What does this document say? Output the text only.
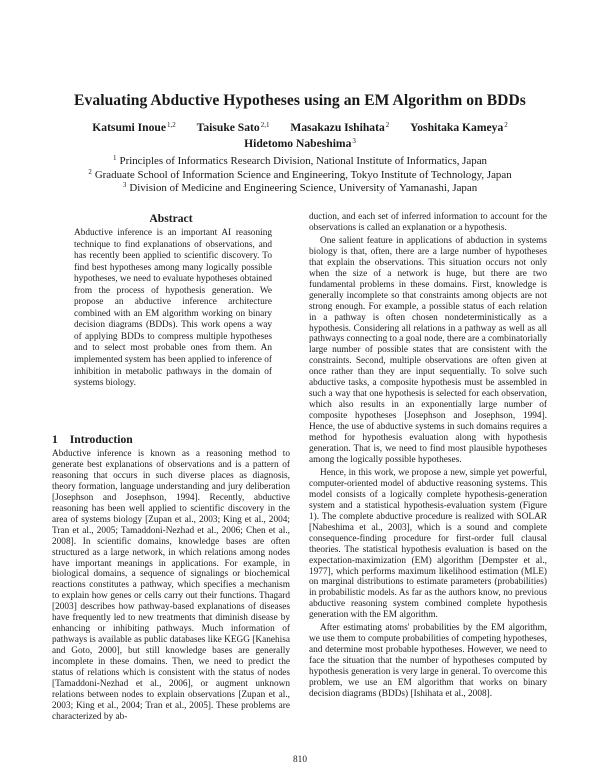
Evaluating Abductive Hypotheses using an EM Algorithm on BDDs
Katsumi Inoue$^{1,2}$ Taisuke Sato$^{2,1}$ Masakazu Ishihata$^2$ Yoshitaka Kameya$^2$
Hidetomo Nabeshima$^3$
$^1$ Principles of Informatics Research Division, National Institute of Informatics, Japan
$^2$ Graduate School of Information Science and Engineering, Tokyo Institute of Technology, Japan
$^3$ Division of Medicine and Engineering Science, University of Yamanashi, Japan
Abstract
Abductive inference is an important AI reasoning technique to find explanations of observations, and has recently been applied to scientific discovery. To find best hypotheses among many logically possible hypotheses, we need to evaluate hypotheses obtained from the process of hypothesis generation. We propose an abductive inference architecture combined with an EM algorithm working on binary decision diagrams (BDDs). This work opens a way of applying BDDs to compress multiple hypotheses and to select most probable ones from them. An implemented system has been applied to inference of inhibition in metabolic pathways in the domain of systems biology.
1 Introduction

Abductive inference is known as a reasoning method to generate best explanations of observations and is a pattern of reasoning that occurs in such diverse places as diagnosis, theory formation, language understanding and jury deliberation [Josephson and Josephson, 1994]. Recently, abductive reasoning has been well applied to scientific discovery in the area of systems biology [Zupan et al., 2003; King et al., 2004; Tran et al., 2005; Tamaddoni-Nezhad et al., 2006; Chen et al., 2008]. In scientific domains, knowledge bases are often structured as a large network, in which relations among nodes have important meanings in applications. For example, in biological domains, a sequence of signalings or biochemical reactions constitutes a pathway, which specifies a mechanism to explain how genes or cells carry out their functions. Thagard [2003] describes how pathway-based explanations of diseases have frequently led to new treatments that diminish disease by enhancing or inhibiting pathways. Much information of pathways is available as public databases like KEGG [Kanehisa and Goto, 2000], but still knowledge bases are generally incomplete in these domains. Then, we need to predict the status of relations which is consistent with the status of nodes [Tamaddoni-Nezhad et al., 2006], or augment unknown relations between nodes to explain observations [Zupan et al., 2003; King et al., 2004; Tran et al., 2005]. These problems are characterized by ab-

duction, and each set of inferred information to account for the observations is called an explanation or a hypothesis.

One salient feature in applications of abduction in systems biology is that, often, there are a large number of hypotheses that explain the observations. This situation occurs not only when the size of a network is huge, but there are two fundamental problems in these domains. First, knowledge is generally incomplete so that constraints among objects are not strong enough. For example, a possible status of each relation in a pathway is often chosen nondeterministically as a hypothesis. Considering all relations in a pathway as well as all pathways connecting to a goal node, there are a combinatorially large number of possible states that are consistent with the constraints. Second, multiple observations are often given at once rather than they are input sequentially. To solve such abductive tasks, a composite hypothesis must be assembled in such a way that one hypothesis is selected for each observation, which also results in an exponentially large number of composite hypotheses [Josephson and Josephson, 1994]. Hence, the use of abductive systems in such domains requires a method for hypothesis evaluation along with hypothesis generation. That is, we need to find most plausible hypotheses among the logically possible hypotheses.

Hence, in this work, we propose a new, simple yet powerful, computer-oriented model of abductive reasoning systems. This model consists of a logically complete hypothesis-generation system and a statistical hypothesis-evaluation system (Figure 1). The complete abductive procedure is realized with SOLAR [Nabeshima et al., 2003], which is a sound and complete consequence-finding procedure for first-order full clausal theories. The statistical hypothesis evaluation is based on the expectation-maximization (EM) algorithm [Dempster et al., 1977], which performs maximum likelihood estimation (MLE) on marginal distributions to estimate parameters (probabilities) in probabilistic models. As far as the authors know, no previous abductive reasoning system combined complete hypothesis generation with the EM algorithm.

After estimating atoms' probabilities by the EM algorithm, we use them to compute probabilities of competing hypotheses, and determine most probable hypotheses. However, we need to face the situation that the number of hypotheses computed by hypothesis generation is very large in general. To overcome this problem, we use an EM algorithm that works on binary decision diagrams (BDDs) [Ishihata et al., 2008].

810
